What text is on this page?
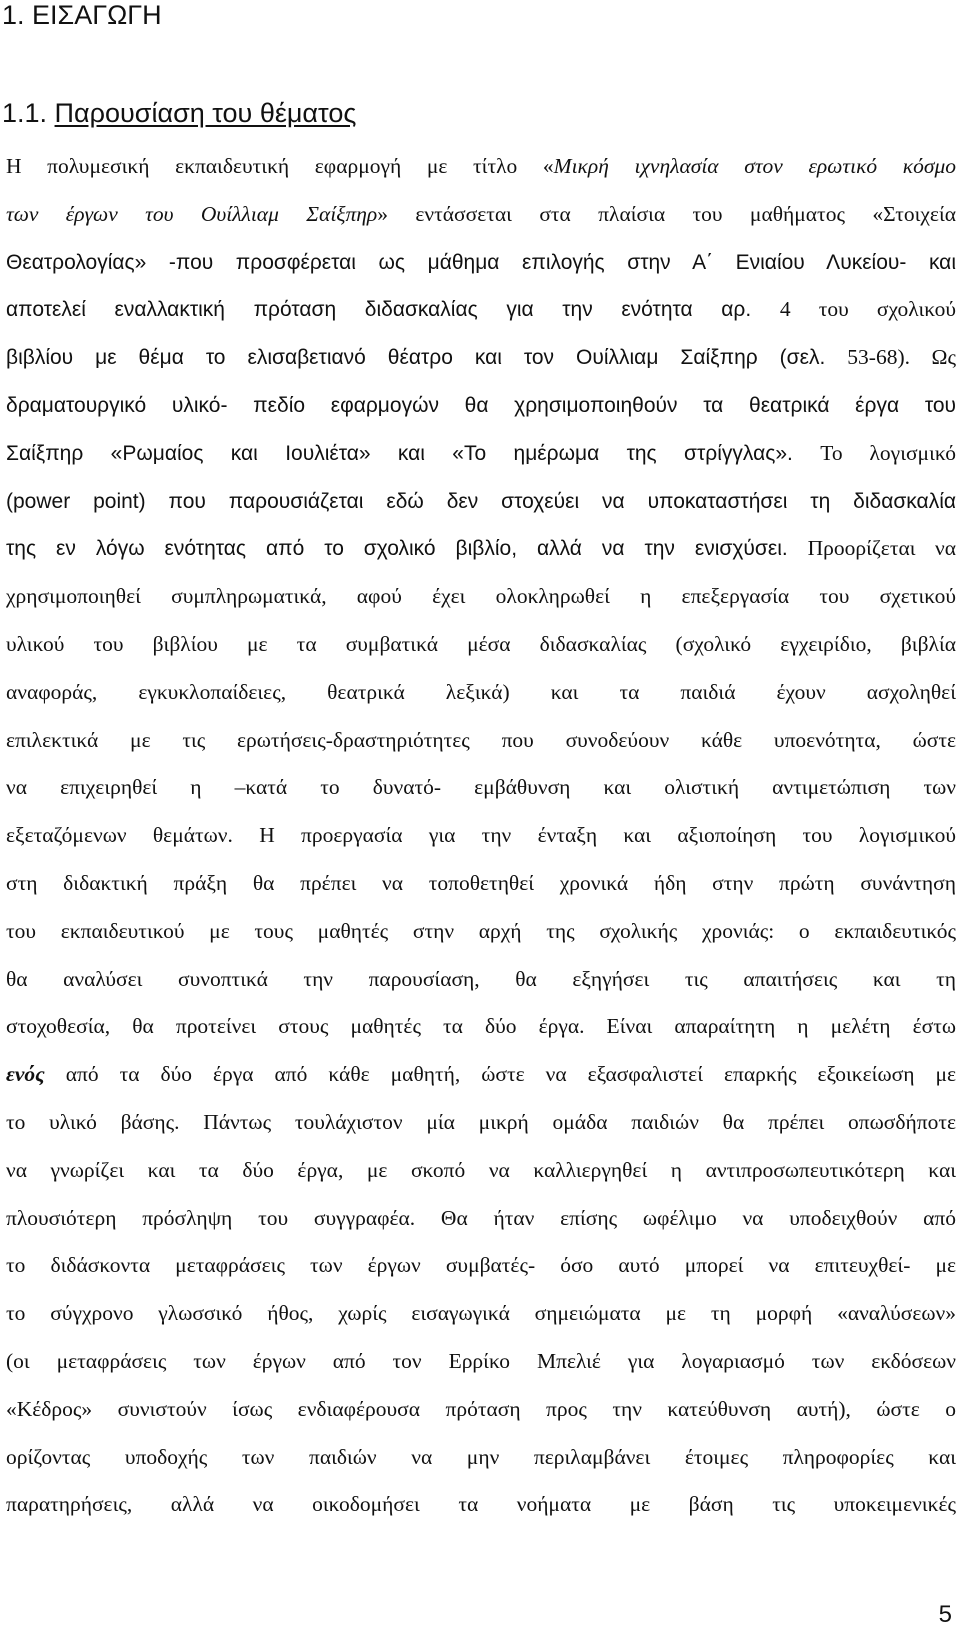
1. ΕΙΣΑΓΩΓΗ
1.1. Παρουσίαση του θέματος
Η πολυμεσική εκπαιδευτική εφαρμογή με τίτλο «Μικρή ιχνηλασία στον ερωτικό κόσμο
των έργων του Ουίλλιαμ Σαίξπηρ» εντάσσεται στα πλαίσια του μαθήματος «Στοιχεία
Θεατρολογίας» -που προσφέρεται ως μάθημα επιλογής στην Α΄ Ενιαίου Λυκείου- και
αποτελεί εναλλακτική πρόταση διδασκαλίας για την ενότητα αρ. 4 του σχολικού
βιβλίου με θέμα το ελισαβετιανό θέατρο και τον Ουίλλιαμ Σαίξπηρ (σελ. 53-68). Ως
δραματουργικό υλικό- πεδίο εφαρμογών θα χρησιμοποιηθούν τα θεατρικά έργα του
Σαίξπηρ «Ρωμαίος και Ιουλιέτα» και «Το ημέρωμα της στρίγγλας». Το λογισμικό
(power point) που παρουσιάζεται εδώ δεν στοχεύει να υποκαταστήσει τη διδασκαλία
της εν λόγω ενότητας από το σχολικό βιβλίο, αλλά να την ενισχύσει. Προορίζεται να
χρησιμοποιηθεί συμπληρωματικά, αφού έχει ολοκληρωθεί η επεξεργασία του σχετικού
υλικού του βιβλίου με τα συμβατικά μέσα διδασκαλίας (σχολικό εγχειρίδιο, βιβλία
αναφοράς, εγκυκλοπαίδειες, θεατρικά λεξικά) και τα παιδιά έχουν ασχοληθεί
επιλεκτικά με τις ερωτήσεις-δραστηριότητες που συνοδεύουν κάθε υποενότητα, ώστε
να επιχειρηθεί η –κατά το δυνατό- εμβάθυνση και ολιστική αντιμετώπιση των
εξεταζόμενων θεμάτων. Η προεργασία για την ένταξη και αξιοποίηση του λογισμικού
στη διδακτική πράξη θα πρέπει να τοποθετηθεί χρονικά ήδη στην πρώτη συνάντηση
του εκπαιδευτικού με τους μαθητές στην αρχή της σχολικής χρονιάς: ο εκπαιδευτικός
θα αναλύσει συνοπτικά την παρουσίαση, θα εξηγήσει τις απαιτήσεις και τη
στοχοθεσία, θα προτείνει στους μαθητές τα δύο έργα. Είναι απαραίτητη η μελέτη έστω
ενός από τα δύο έργα από κάθε μαθητή, ώστε να εξασφαλιστεί επαρκής εξοικείωση με
το υλικό βάσης. Πάντως τουλάχιστον μία μικρή ομάδα παιδιών θα πρέπει οπωσδήποτε
να γνωρίζει και τα δύο έργα, με σκοπό να καλλιεργηθεί η αντιπροσωπευτικότερη και
πλουσιότερη πρόσληψη του συγγραφέα. Θα ήταν επίσης ωφέλιμο να υποδειχθούν από
το διδάσκοντα μεταφράσεις των έργων συμβατές- όσο αυτό μπορεί να επιτευχθεί- με
το σύγχρονο γλωσσικό ήθος, χωρίς εισαγωγικά σημειώματα με τη μορφή «αναλύσεων»
(οι μεταφράσεις των έργων από τον Ερρίκο Μπελιέ για λογαριασμό των εκδόσεων
«Κέδρος» συνιστούν ίσως ενδιαφέρουσα πρόταση προς την κατεύθυνση αυτή), ώστε ο
ορίζοντας υποδοχής των παιδιών να μην περιλαμβάνει έτοιμες πληροφορίες και
παρατηρήσεις, αλλά να οικοδομήσει τα νοήματα με βάση τις υποκειμενικές
5
